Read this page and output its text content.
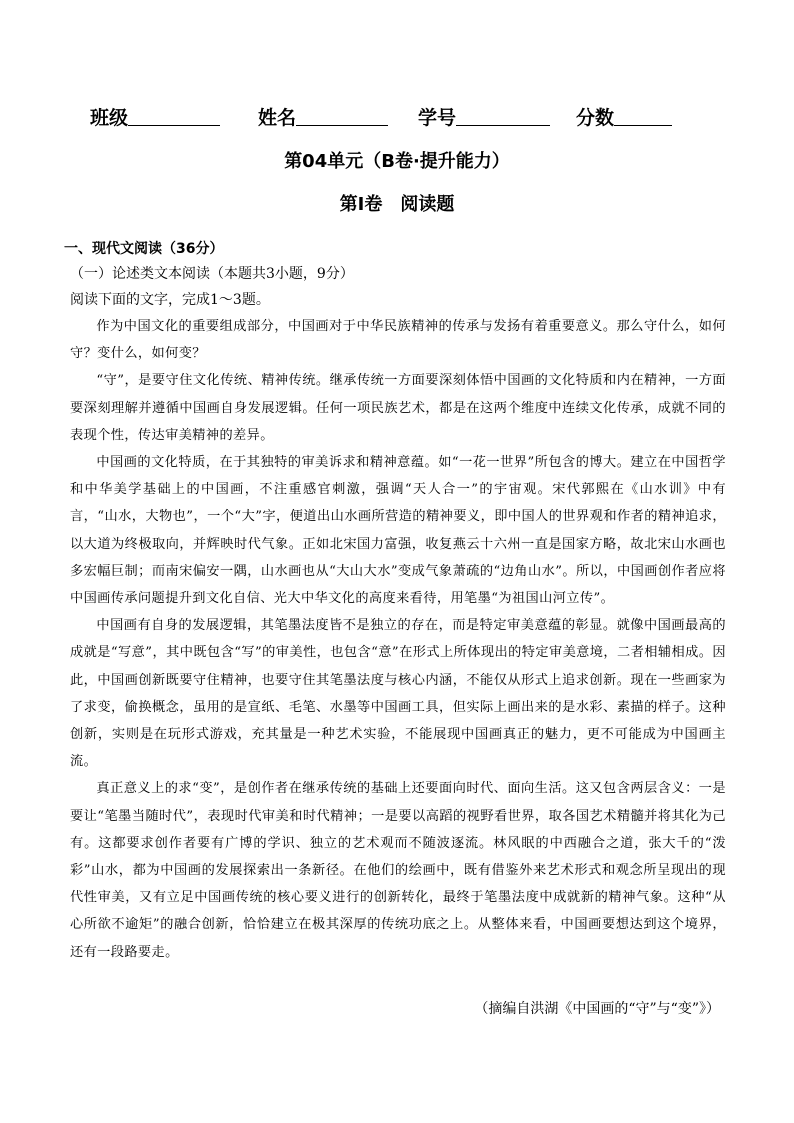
班级	姓名	学号	分数
第04单元（B卷·提升能力）
第Ⅰ卷　阅读题
一、现代文阅读（36分）
（一）论述类文本阅读（本题共3小题，9分）
阅读下面的文字，完成1～3题。

作为中国文化的重要组成部分，中国画对于中华民族精神的传承与发扬有着重要意义。那么守什么，如何守？变什么，如何变？

“守”，是要守住文化传统、精神传统。继承传统一方面要深刻体悟中国画的文化特质和内在精神，一方面要深刻理解并遵循中国画自身发展逻辑。任何一项民族艺术，都是在这两个维度中连续文化传承，成就不同的表现个性，传达审美精神的差异。

中国画的文化特质，在于其独特的审美诉求和精神意蕴。如“一花一世界”所包含的博大。建立在中国哲学和中华美学基础上的中国画，不注重感官刺激，强调“天人合一”的宇宙观。宋代郭熙在《山水训》中有言，“山水，大物也”，一个“大”字，便道出山水画所营造的精神要义，即中国人的世界观和作者的精神追求，以大道为终极取向，并辉映时代气象。正如北宋国力富强，收复燕云十六州一直是国家方略，故北宋山水画也多宏幅巨制；而南宋偏安一隅，山水画也从“大山大水”变成气象萧疏的“边角山水”。所以，中国画创作者应将中国画传承问题提升到文化自信、光大中华文化的高度来看待，用笔墨“为祖国山河立传”。

中国画有自身的发展逻辑，其笔墨法度皆不是独立的存在，而是特定审美意蕴的彰显。就像中国画最高的成就是“写意”，其中既包含“写”的审美性，也包含“意”在形式上所体现出的特定审美意境，二者相辅相成。因此，中国画创新既要守住精神，也要守住其笔墨法度与核心内涵，不能仅从形式上追求创新。现在一些画家为了求变，偷换概念，虽用的是宣纸、毛笔、水墨等中国画工具，但实际上画出来的是水彩、素描的样子。这种创新，实则是在玩形式游戏，充其量是一种艺术实验，不能展现中国画真正的魅力，更不可能成为中国画主流。

真正意义上的求“变”，是创作者在继承传统的基础上还要面向时代、面向生活。这又包含两层含义：一是要让“笔墨当随时代”，表现时代审美和时代精神；一是要以高蹈的视野看世界，取各国艺术精髓并将其化为己有。这都要求创作者要有广博的学识、独立的艺术观而不随波逐流。林风眠的中西融合之道，张大千的“泼彩”山水，都为中国画的发展探索出一条新径。在他们的绘画中，既有借鉴外来艺术形式和观念所呈现出的现代性审美，又有立足中国画传统的核心要义进行的创新转化，最终于笔墨法度中成就新的精神气象。这种“从心所欲不逾矩”的融合创新，恰恰建立在极其深厚的传统功底之上。从整体来看，中国画要想达到这个境界，还有一段路要走。

（摘编自洪湖《中国画的“守”与“变”》）
